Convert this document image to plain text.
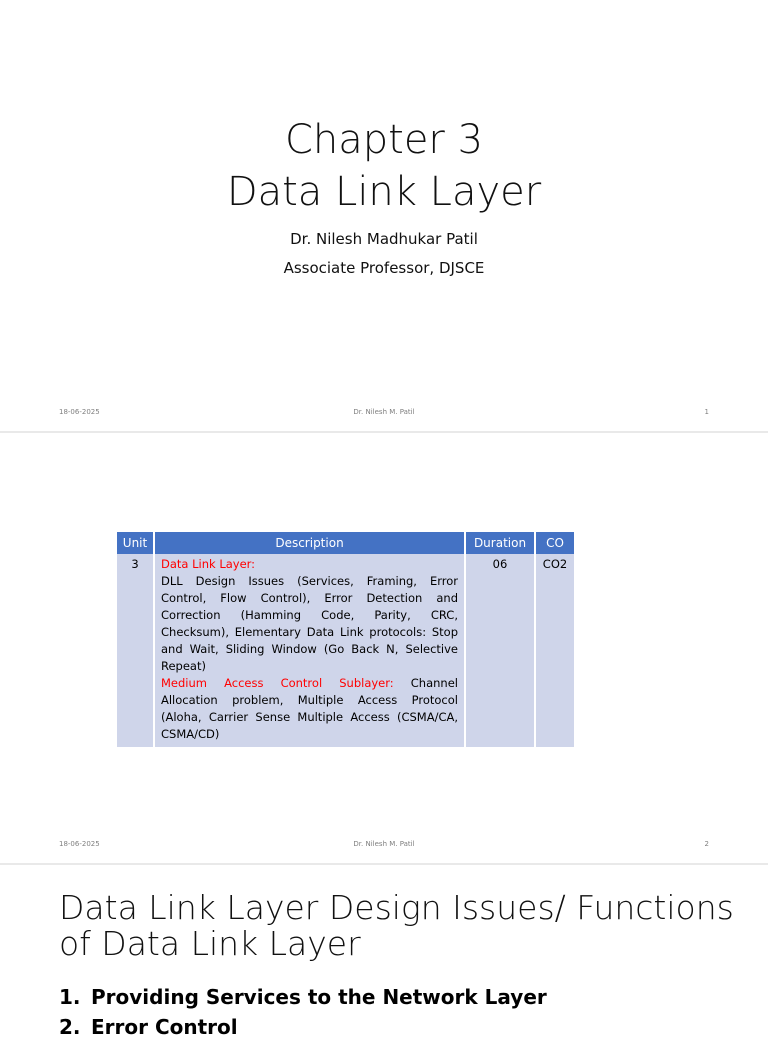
Chapter 3
Data Link Layer
Dr. Nilesh Madhukar Patil
Associate Professor, DJSCE
18-06-2025	Dr. Nilesh M. Patil	1
Unit	Description	Duration	CO
3	Data Link Layer:
DLL Design Issues (Services, Framing, Error Control, Flow Control), Error Detection and Correction (Hamming Code, Parity, CRC, Checksum), Elementary Data Link protocols: Stop and Wait, Sliding Window (Go Back N, Selective Repeat)
Medium Access Control Sublayer: Channel Allocation problem, Multiple Access Protocol (Aloha, Carrier Sense Multiple Access (CSMA/CA, CSMA/CD)	06	CO2
18-06-2025	Dr. Nilesh M. Patil	2
Data Link Layer Design Issues/ Functions
of Data Link Layer
1. Providing Services to the Network Layer
2. Error Control
